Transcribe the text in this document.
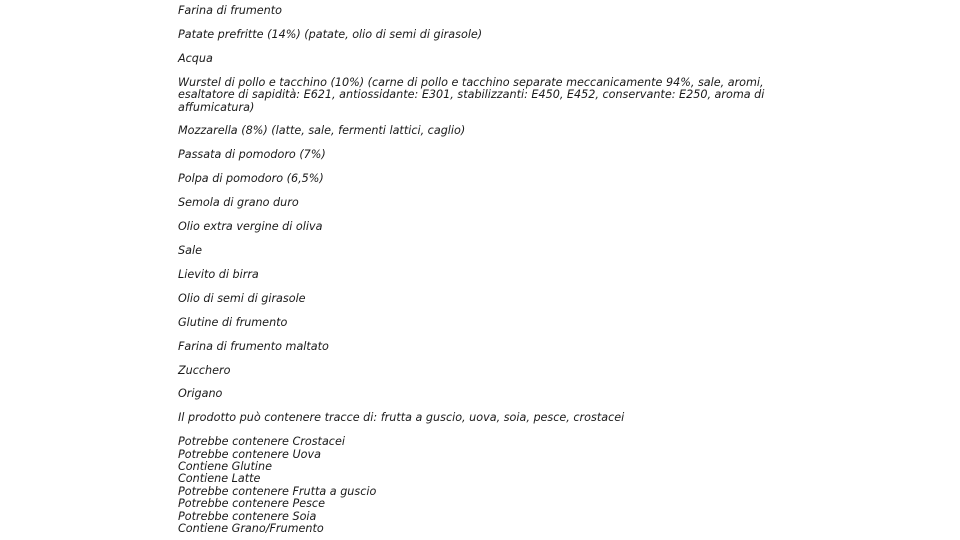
Farina di frumento

Patate prefritte (14%) (patate, olio di semi di girasole)

Acqua

Wurstel di pollo e tacchino (10%) (carne di pollo e tacchino separate meccanicamente 94%, sale, aromi, esaltatore di sapidità: E621, antiossidante: E301, stabilizzanti: E450, E452, conservante: E250, aroma di affumicatura)

Mozzarella (8%) (latte, sale, fermenti lattici, caglio)

Passata di pomodoro (7%)

Polpa di pomodoro (6,5%)

Semola di grano duro

Olio extra vergine di oliva

Sale

Lievito di birra

Olio di semi di girasole

Glutine di frumento

Farina di frumento maltato

Zucchero

Origano

Il prodotto può contenere tracce di: frutta a guscio, uova, soia, pesce, crostacei

Potrebbe contenere Crostacei
Potrebbe contenere Uova
Contiene Glutine
Contiene Latte
Potrebbe contenere Frutta a guscio
Potrebbe contenere Pesce
Potrebbe contenere Soia
Contiene Grano/Frumento
